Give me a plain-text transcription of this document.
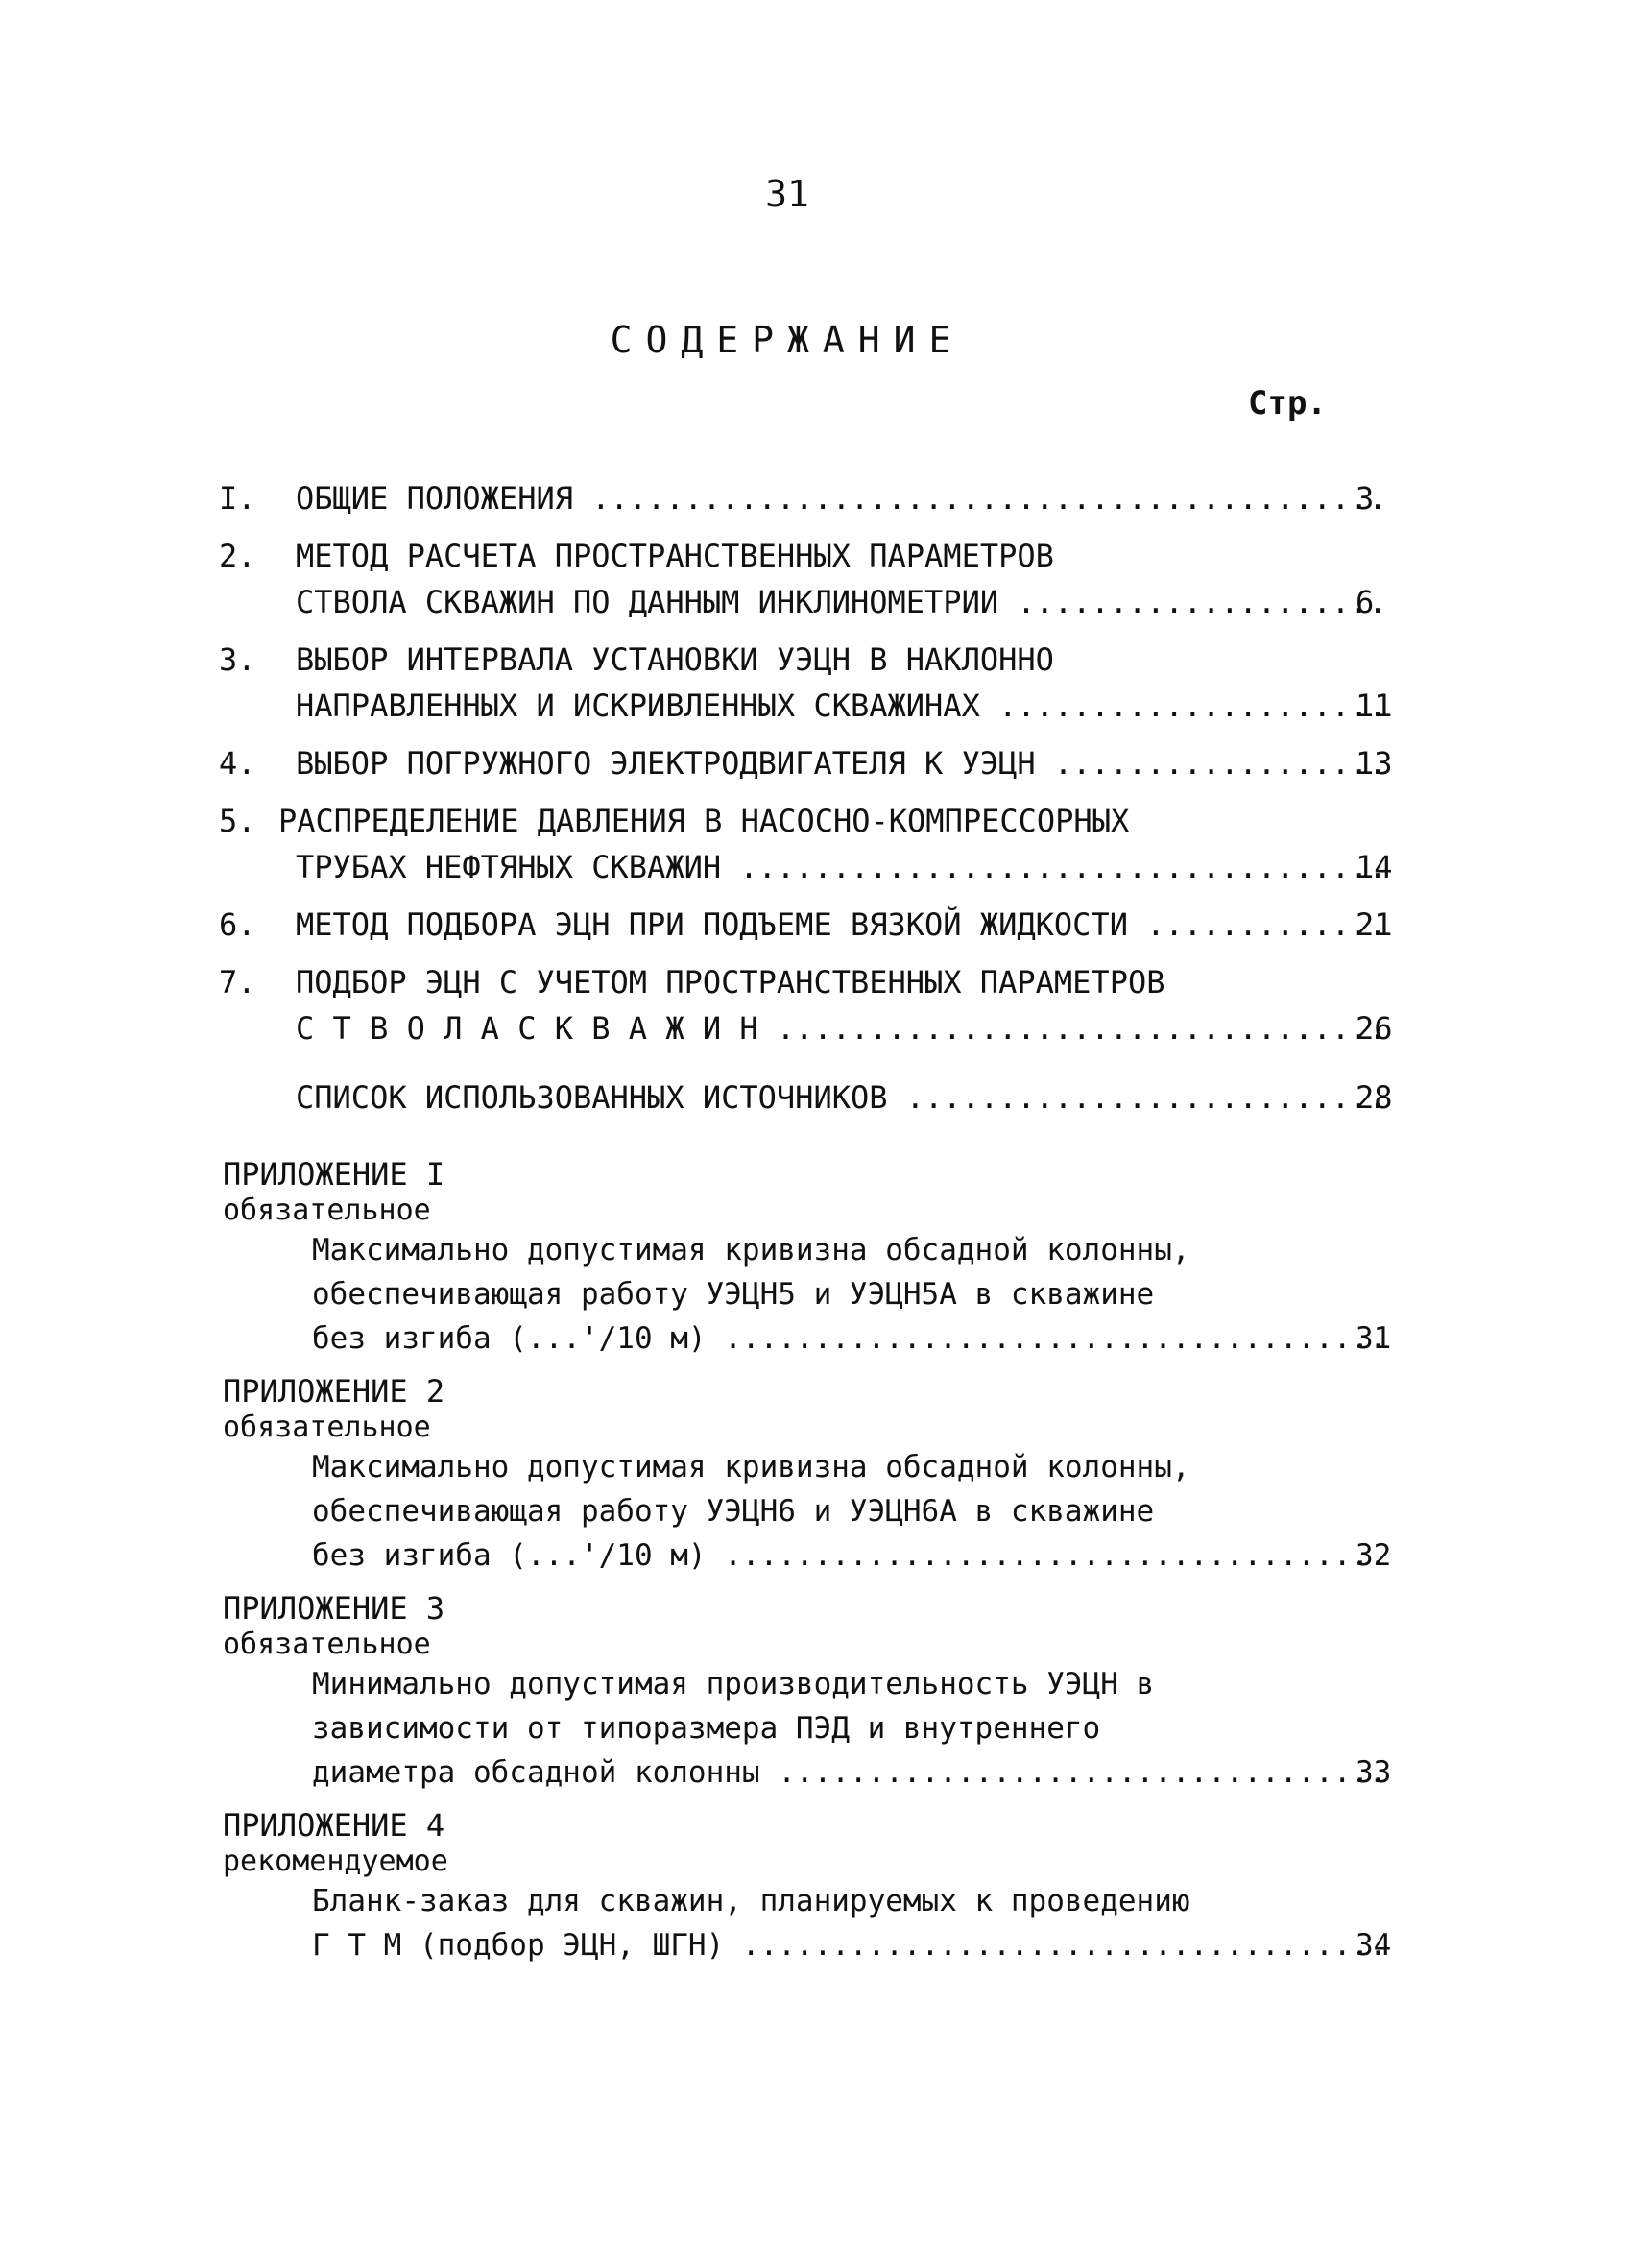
31
СОДЕРЖАНИЕ
Стр.
I. ОБЩИЕ ПОЛОЖЕНИЯ .....	3
2. МЕТОД РАСЧЕТА ПРОСТРАНСТВЕННЫХ ПАРАМЕТРОВ
СТВОЛА СКВАЖИН ПО ДАННЫМ ИНКЛИНОМЕТРИИ .....	6
3. ВЫБОР ИНТЕРВАЛА УСТАНОВКИ УЭЦН В НАКЛОННО
НАПРАВЛЕННЫХ И ИСКРИВЛЕННЫХ СКВАЖИНАХ .....	11
4. ВЫБОР ПОГРУЖНОГО ЭЛЕКТРОДВИГАТЕЛЯ К УЭЦН .....	13
5. РАСПРЕДЕЛЕНИЕ ДАВЛЕНИЯ В НАСОСНО-КОМПРЕССОРНЫХ
ТРУБАХ НЕФТЯНЫХ СКВАЖИН .....	14
6. МЕТОД ПОДБОРА ЭЦН ПРИ ПОДЪЕМЕ ВЯЗКОЙ ЖИДКОСТИ .....	21
7. ПОДБОР ЭЦН С УЧЕТОМ ПРОСТРАНСТВЕННЫХ ПАРАМЕТРОВ
С Т В О Л А С К В А Ж И Н .....	26
СПИСОК ИСПОЛЬЗОВАННЫХ ИСТОЧНИКОВ .....	28
ПРИЛОЖЕНИЕ I
обязательное
Максимально допустимая кривизна обсадной колонны,
обеспечивающая работу УЭЦН5 и УЭЦН5А в скважине
без изгиба (...'/10 м) .....	31
ПРИЛОЖЕНИЕ 2
обязательное
Максимально допустимая кривизна обсадной колонны,
обеспечивающая работу УЭЦН6 и УЭЦН6А в скважине
без изгиба (...'/10 м) .....	32
ПРИЛОЖЕНИЕ 3
обязательное
Минимально допустимая производительность УЭЦН в
зависимости от типоразмера ПЭД и внутреннего
диаметра обсадной колонны .....	33
ПРИЛОЖЕНИЕ 4
рекомендуемое
Бланк-заказ для скважин, планируемых к проведению
Г Т М (подбор ЭЦН, ШГН) .....	34
